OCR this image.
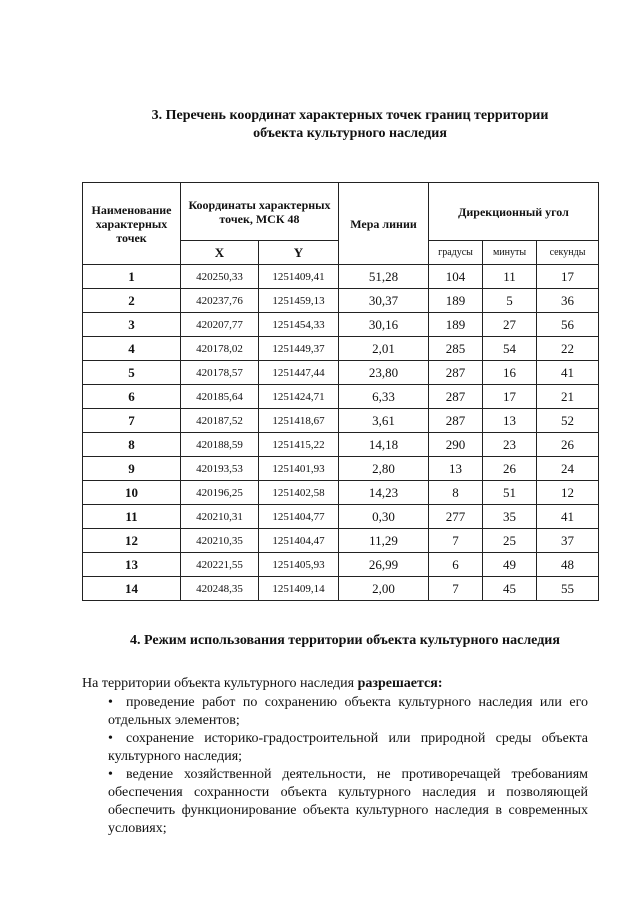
3. Перечень координат характерных точек границ территории
объекта культурного наследия
Наименование характерных точек	Координаты характерных точек, МСК 48		Мера линии	Дирекционный угол		
	X	Y		градусы	минуты	секунды
1	420250,33	1251409,41	51,28	104	11	17
2	420237,76	1251459,13	30,37	189	5	36
3	420207,77	1251454,33	30,16	189	27	56
4	420178,02	1251449,37	2,01	285	54	22
5	420178,57	1251447,44	23,80	287	16	41
6	420185,64	1251424,71	6,33	287	17	21
7	420187,52	1251418,67	3,61	287	13	52
8	420188,59	1251415,22	14,18	290	23	26
9	420193,53	1251401,93	2,80	13	26	24
10	420196,25	1251402,58	14,23	8	51	12
11	420210,31	1251404,77	0,30	277	35	41
12	420210,35	1251404,47	11,29	7	25	37
13	420221,55	1251405,93	26,99	6	49	48
14	420248,35	1251409,14	2,00	7	45	55
4. Режим использования территории объекта культурного наследия
На территории объекта культурного наследия разрешается:
• проведение работ по сохранению объекта культурного наследия или его отдельных элементов;
• сохранение историко-градостроительной или природной среды объекта культурного наследия;
• ведение хозяйственной деятельности, не противоречащей требованиям обеспечения сохранности объекта культурного наследия и позволяющей обеспечить функционирование объекта культурного наследия в современных условиях;
